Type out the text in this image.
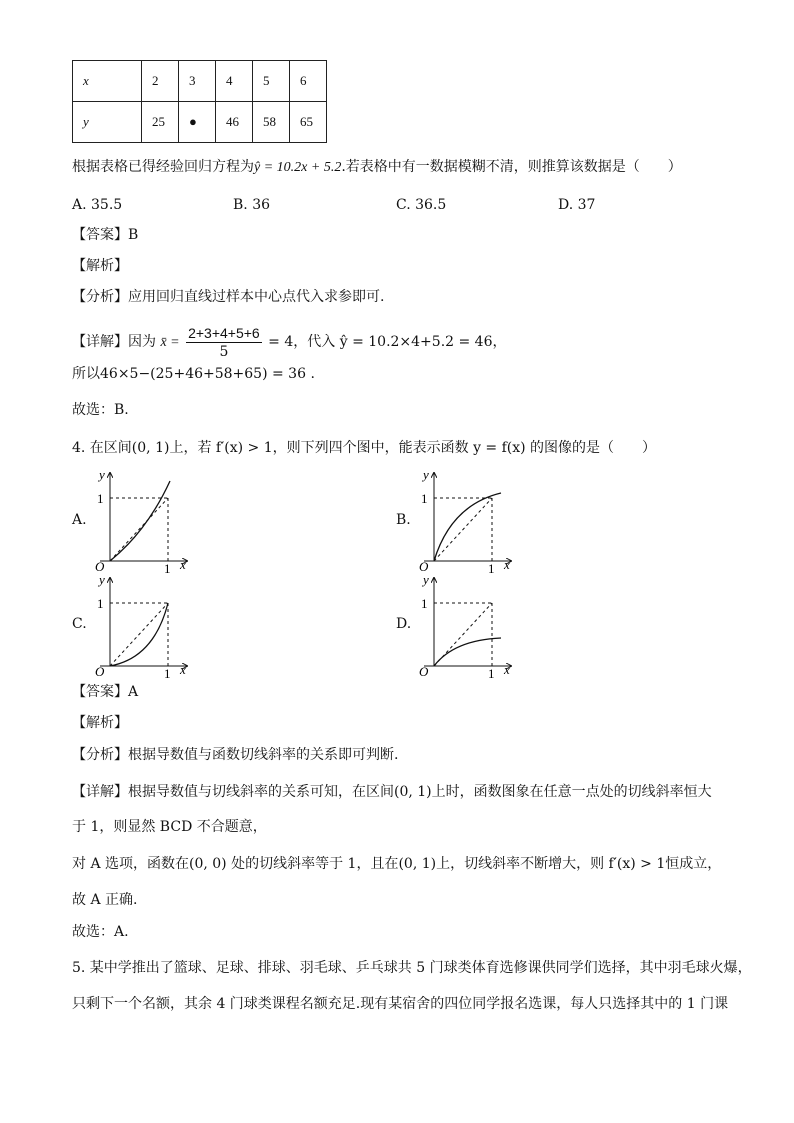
x	2	3	4	5	6
y	25	●	46	58	65
根据表格已得经验回归方程为ŷ = 10.2x + 5.2.若表格中有一数据模糊不清，则推算该数据是（　　）
A. 35.5	B. 36	C. 36.5	D. 37
【答案】B
【解析】
【分析】应用回归直线过样本中心点代入求参即可.
【详解】因为 x̄ = $\frac{2+3+4+5+6}{5} = 4$，代入 ŷ = 10.2×4+5.2 = 46，
所以46×5−(25+46+58+65) = 36 .
故选：B.
4. 在区间(0, 1)上，若 f′(x) > 1，则下列四个图中，能表示函数 y = f(x) 的图像的是（　　）
A.
y
x
O
1
1
B.
y
x
O
1
1
C.
y
x
O
1
1
D.
y
x
O
1
1
【答案】A
【解析】
【分析】根据导数值与函数切线斜率的关系即可判断.
【详解】根据导数值与切线斜率的关系可知，在区间(0, 1)上时，函数图象在任意一点处的切线斜率恒大
于 1，则显然 BCD 不合题意，
对 A 选项，函数在(0, 0) 处的切线斜率等于 1，且在(0, 1)上，切线斜率不断增大，则 f′(x) > 1恒成立，
故 A 正确.
故选：A.
5. 某中学推出了篮球、足球、排球、羽毛球、乒乓球共 5 门球类体育选修课供同学们选择，其中羽毛球火爆，
只剩下一个名额，其余 4 门球类课程名额充足.现有某宿舍的四位同学报名选课，每人只选择其中的 1 门课
